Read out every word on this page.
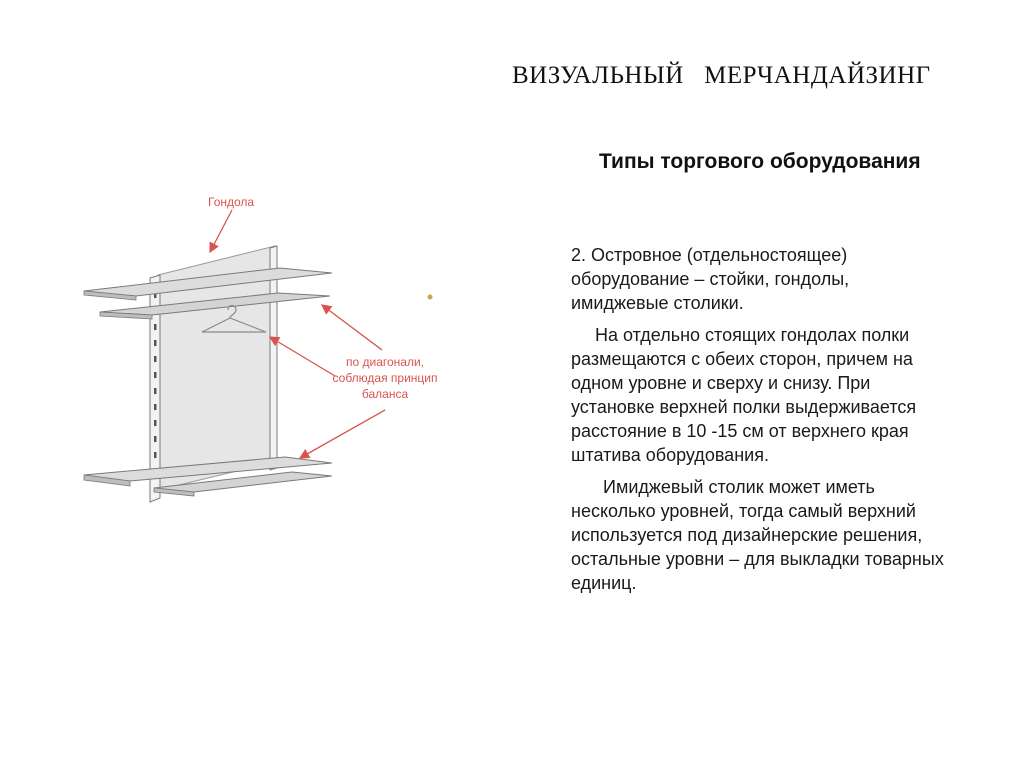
ВИЗУАЛЬНЫЙ   МЕРЧАНДАЙЗИНГ
Типы торгового оборудования

2. Островное (отдельностоящее) оборудование – стойки, гондолы, имиджевые столики.

На отдельно стоящих гондолах полки размещаются с обеих сторон, причем на одном уровне и сверху и снизу. При установке верхней полки выдерживается расстояние в 10 -15 см от верхнего края штатива оборудования.

Имиджевый столик может иметь несколько уровней, тогда самый верхний используется под дизайнерские решения, остальные уровни – для выкладки товарных единиц.

Гондола
по диагонали,
соблюдая принцип
баланса
